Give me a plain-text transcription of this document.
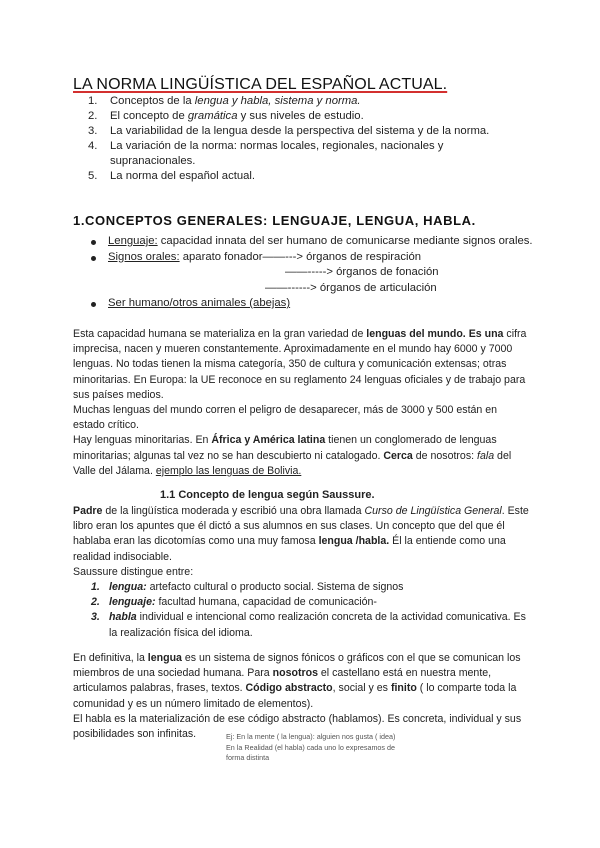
LA NORMA LINGÜÍSTICA DEL ESPAÑOL ACTUAL.
1.	Conceptos de la lengua y habla, sistema y norma.
2.	El concepto de gramática y sus niveles de estudio.
3.	La variabilidad de la lengua desde la perspectiva del sistema y de la norma.
4.	La variación de la norma: normas locales, regionales, nacionales y supranacionales.
5.	La norma del español actual.
1.CONCEPTOS GENERALES: LENGUAJE, LENGUA, HABLA.
Lenguaje: capacidad innata del ser humano de comunicarse mediante signos orales.
Signos orales: aparato fonador——---> órganos de respiración
——-----> órganos de fonación
——------> órganos de articulación
Ser humano/otros animales (abejas)

Esta capacidad humana se materializa en la gran variedad de lenguas del mundo. Es una cifra imprecisa, nacen y mueren constantemente. Aproximadamente en el mundo hay 6000 y 7000 lenguas. No todas tienen la misma categoría, 350 de cultura y comunicación extensas; otras minoritarias. En Europa: la UE reconoce en su reglamento 24 lenguas oficiales y de trabajo para sus países medios.

Muchas lenguas del mundo corren el peligro de desaparecer, más de 3000 y 500 están en estado crítico.

Hay lenguas minoritarias. En África y América latina tienen un conglomerado de lenguas minoritarias; algunas tal vez no se han descubierto ni catalogado. Cerca de nosotros: fala del Valle del Jálama. ejemplo las lenguas de Bolivia.

1.1 Concepto de lengua según Saussure.

Padre de la lingüística moderada y escribió una obra llamada Curso de Lingüística General. Este libro eran los apuntes que él dictó a sus alumnos en sus clases. Un concepto que del que él hablaba eran las dicotomías como una muy famosa lengua /habla. Él la entiende como una realidad indisociable.

Saussure distingue entre:

1. lengua: artefacto cultural o producto social. Sistema de signos
2. lenguaje: facultad humana, capacidad de comunicación-
3. habla individual e intencional como realización concreta de la actividad comunicativa. Es la realización física del idioma.

En definitiva, la lengua es un sistema de signos fónicos o gráficos con el que se comunican los miembros de una sociedad humana. Para nosotros el castellano está en nuestra mente, articulamos palabras, frases, textos. Código abstracto, social y es finito ( lo comparte toda la comunidad y es un número limitado de elementos).

El habla es la materialización de ese código abstracto (hablamos). Es concreta, individual y sus posibilidades son infinitas.	Ej: En la mente ( la lengua): alguien nos gusta ( idea)
En la Realidad (el habla) cada uno lo expresamos de
forma distinta
